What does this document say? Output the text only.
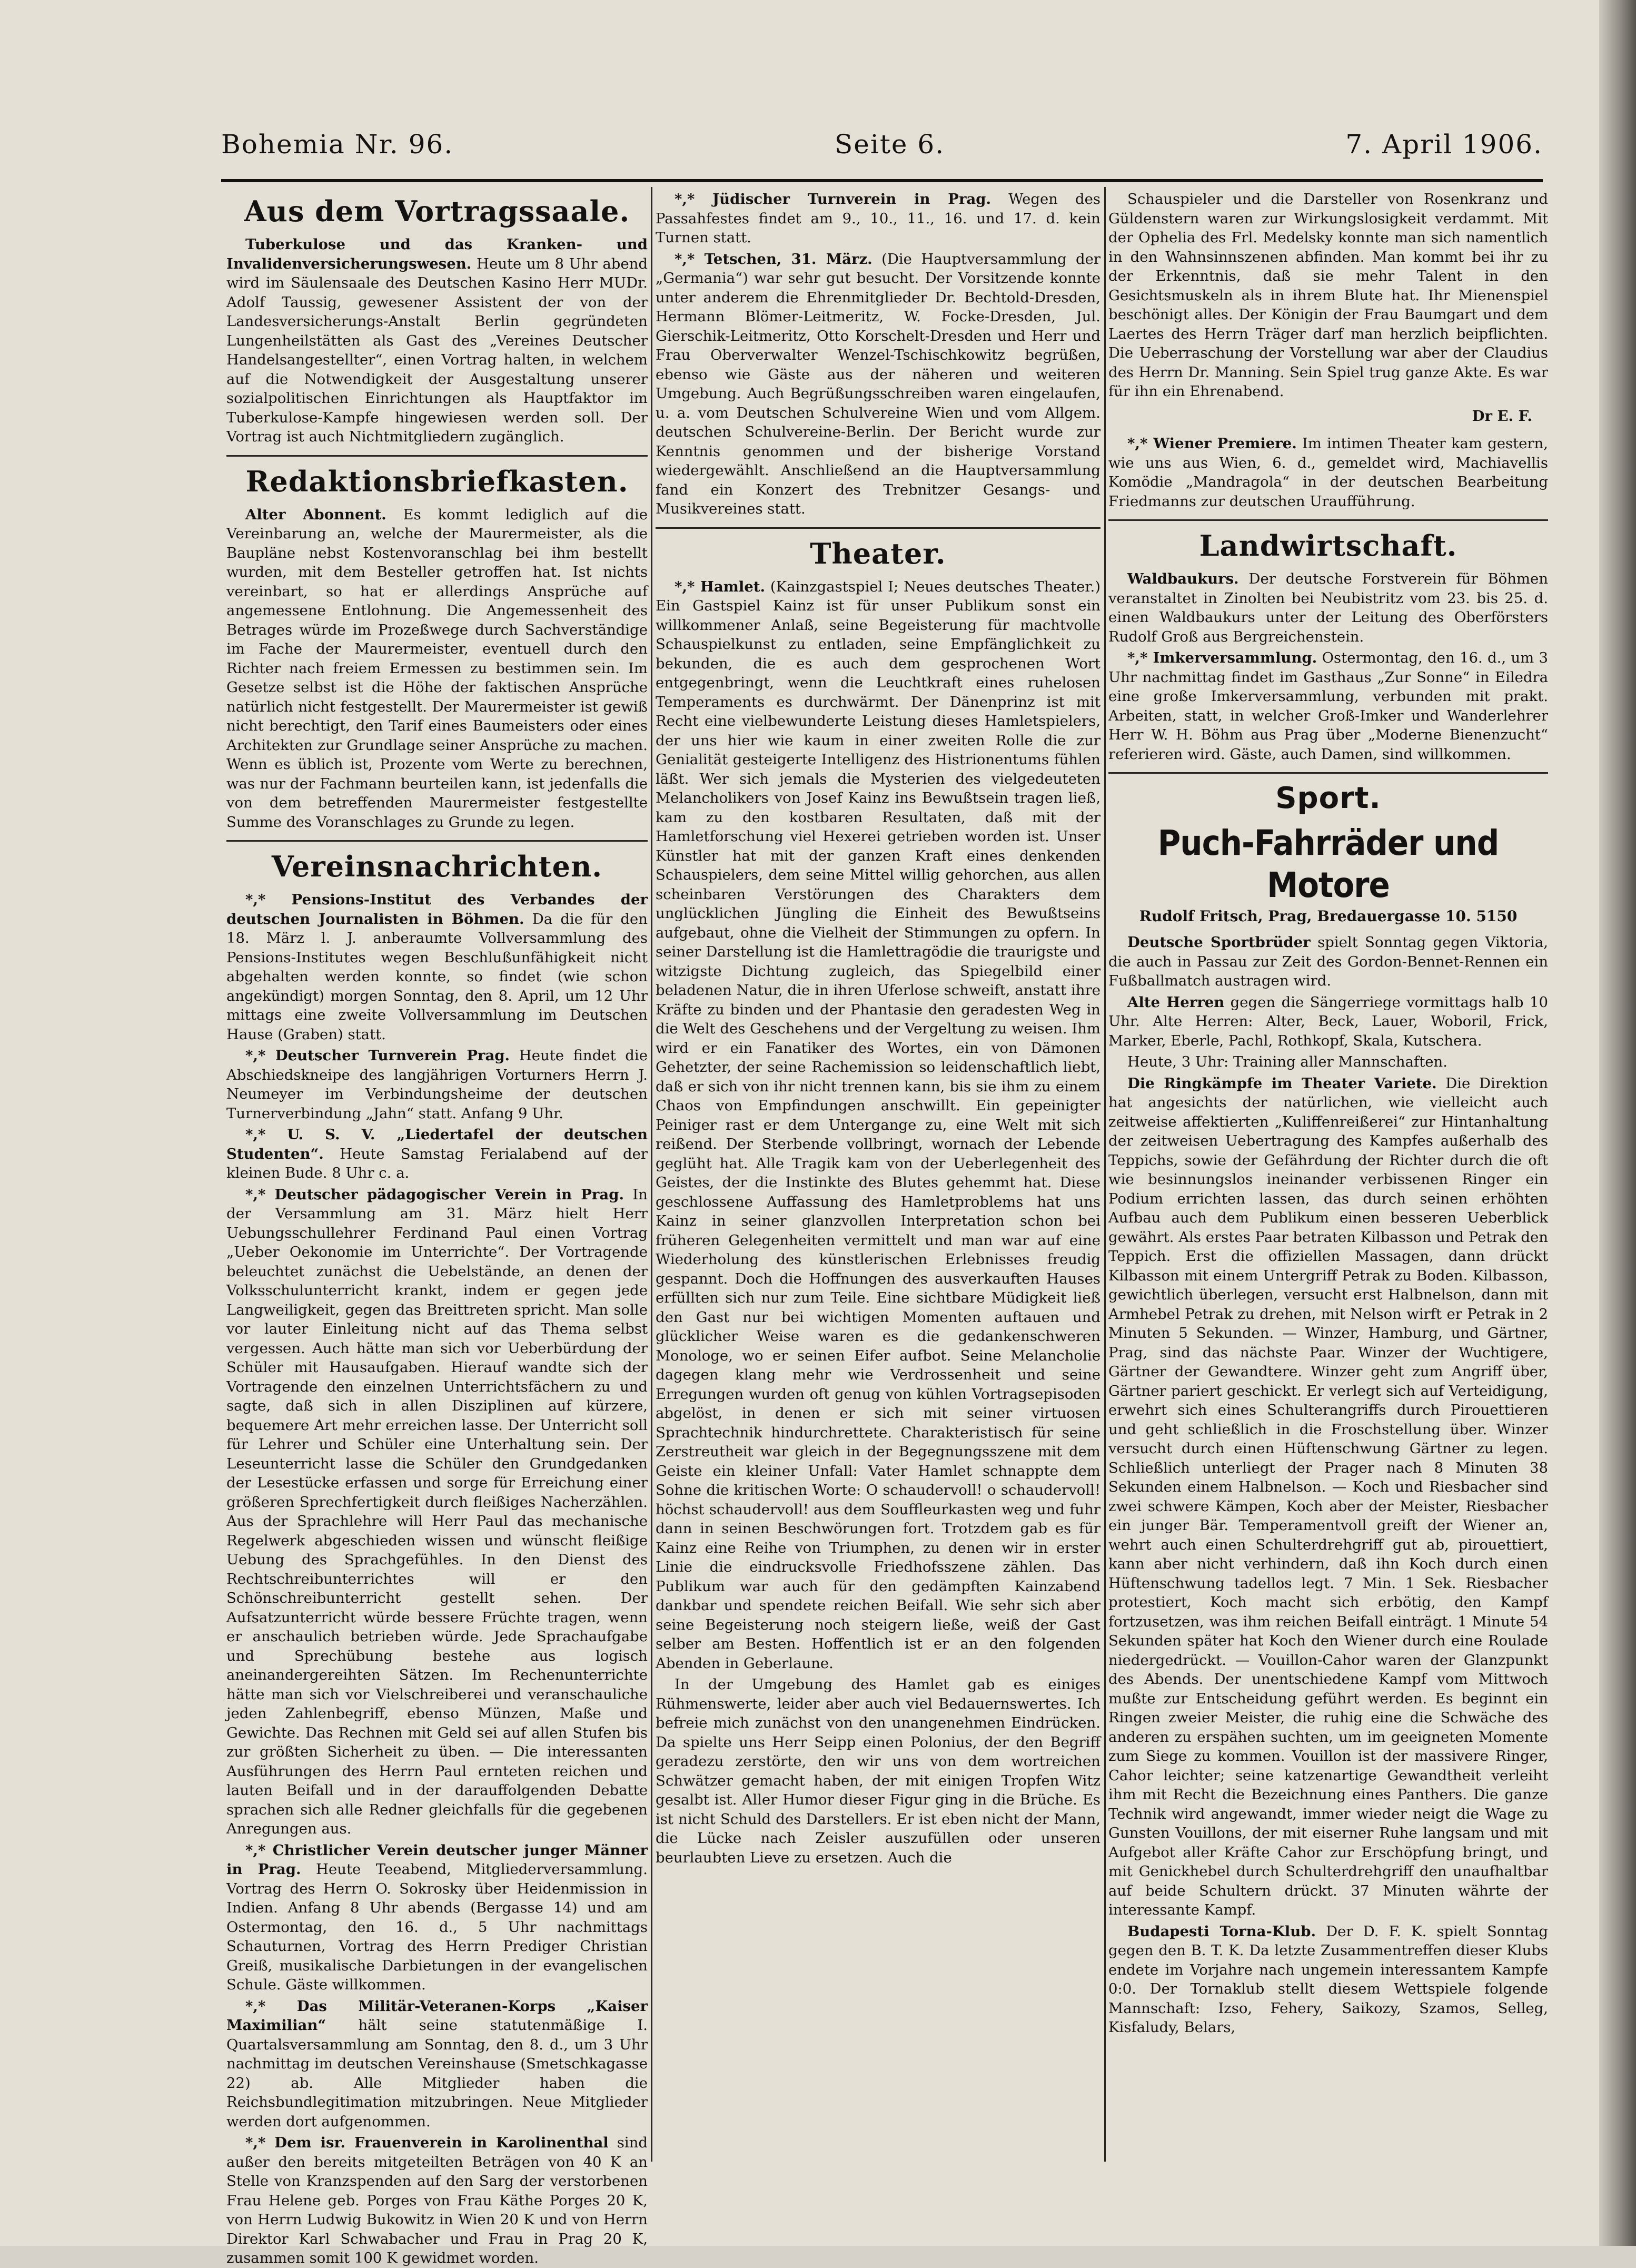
Bohemia Nr. 96.	Seite 6.	7. April 1906.
Aus dem Vortragssaale.

Tuberkulose und das Kranken- und Invalidenversicherungswesen. Heute um 8 Uhr abend wird im Säulensaale des Deutschen Kasino Herr MUDr. Adolf Taussig, gewesener Assistent der von der Landesversicherungs-Anstalt Berlin gegründeten Lungenheilstätten als Gast des „Vereines Deutscher Handelsangestellter“, einen Vortrag halten, in welchem auf die Notwendigkeit der Ausgestaltung unserer sozialpolitischen Einrichtungen als Hauptfaktor im Tuberkulose-Kampfe hingewiesen werden soll. Der Vortrag ist auch Nichtmitgliedern zugänglich.

Redaktionsbriefkasten.

Alter Abonnent. Es kommt lediglich auf die Vereinbarung an, welche der Maurermeister, als die Baupläne nebst Kostenvoranschlag bei ihm bestellt wurden, mit dem Besteller getroffen hat. Ist nichts vereinbart, so hat er allerdings Ansprüche auf angemessene Entlohnung. Die Angemessenheit des Betrages würde im Prozeßwege durch Sachverständige im Fache der Maurermeister, eventuell durch den Richter nach freiem Ermessen zu bestimmen sein. Im Gesetze selbst ist die Höhe der faktischen Ansprüche natürlich nicht festgestellt. Der Maurermeister ist gewiß nicht berechtigt, den Tarif eines Baumeisters oder eines Architekten zur Grundlage seiner Ansprüche zu machen. Wenn es üblich ist, Prozente vom Werte zu berechnen, was nur der Fachmann beurteilen kann, ist jedenfalls die von dem betreffenden Maurermeister festgestellte Summe des Voranschlages zu Grunde zu legen.

Vereinsnachrichten.

*,* Pensions-Institut des Verbandes der deutschen Journalisten in Böhmen. Da die für den 18. März l. J. anberaumte Vollversammlung des Pensions-Institutes wegen Beschlußunfähigkeit nicht abgehalten werden konnte, so findet (wie schon angekündigt) morgen Sonntag, den 8. April, um 12 Uhr mittags eine zweite Vollversammlung im Deutschen Hause (Graben) statt.

*,* Deutscher Turnverein Prag. Heute findet die Abschiedskneipe des langjährigen Vorturners Herrn J. Neumeyer im Verbindungsheime der deutschen Turnerverbindung „Jahn“ statt. Anfang 9 Uhr.

*,* U. S. V. „Liedertafel der deutschen Studenten“. Heute Samstag Ferialabend auf der kleinen Bude. 8 Uhr c. a.

*,* Deutscher pädagogischer Verein in Prag. In der Versammlung am 31. März hielt Herr Uebungsschullehrer Ferdinand Paul einen Vortrag „Ueber Oekonomie im Unterrichte“. Der Vortragende beleuchtet zunächst die Uebelstände, an denen der Volksschulunterricht krankt, indem er gegen jede Langweiligkeit, gegen das Breittreten spricht. Man solle vor lauter Einleitung nicht auf das Thema selbst vergessen. Auch hätte man sich vor Ueberbürdung der Schüler mit Hausaufgaben. Hierauf wandte sich der Vortragende den einzelnen Unterrichtsfächern zu und sagte, daß sich in allen Disziplinen auf kürzere, bequemere Art mehr erreichen lasse. Der Unterricht soll für Lehrer und Schüler eine Unterhaltung sein. Der Leseunterricht lasse die Schüler den Grundgedanken der Lesestücke erfassen und sorge für Erreichung einer größeren Sprechfertigkeit durch fleißiges Nacherzählen. Aus der Sprachlehre will Herr Paul das mechanische Regelwerk abgeschieden wissen und wünscht fleißige Uebung des Sprachgefühles. In den Dienst des Rechtschreibunterrichtes will er den Schönschreibunterricht gestellt sehen. Der Aufsatzunterricht würde bessere Früchte tragen, wenn er anschaulich betrieben würde. Jede Sprachaufgabe und Sprechübung bestehe aus logisch aneinandergereihten Sätzen. Im Rechenunterrichte hätte man sich vor Vielschreiberei und veranschauliche jeden Zahlenbegriff, ebenso Münzen, Maße und Gewichte. Das Rechnen mit Geld sei auf allen Stufen bis zur größten Sicherheit zu üben. — Die interessanten Ausführungen des Herrn Paul ernteten reichen und lauten Beifall und in der darauffolgenden Debatte sprachen sich alle Redner gleichfalls für die gegebenen Anregungen aus.

*,* Christlicher Verein deutscher junger Männer in Prag. Heute Teeabend, Mitgliederversammlung. Vortrag des Herrn O. Sokrosky über Heidenmission in Indien. Anfang 8 Uhr abends (Bergasse 14) und am Ostermontag, den 16. d., 5 Uhr nachmittags Schauturnen, Vortrag des Herrn Prediger Christian Greiß, musikalische Darbietungen in der evangelischen Schule. Gäste willkommen.

*,* Das Militär-Veteranen-Korps „Kaiser Maximilian“ hält seine statutenmäßige I. Quartalsversammlung am Sonntag, den 8. d., um 3 Uhr nachmittag im deutschen Vereinshause (Smetschkagasse 22) ab. Alle Mitglieder haben die Reichsbundlegitimation mitzubringen. Neue Mitglieder werden dort aufgenommen.

*,* Dem isr. Frauenverein in Karolinenthal sind außer den bereits mitgeteilten Beträgen von 40 K an Stelle von Kranzspenden auf den Sarg der verstorbenen Frau Helene geb. Porges von Frau Käthe Porges 20 K, von Herrn Ludwig Bukowitz in Wien 20 K und von Herrn Direktor Karl Schwabacher und Frau in Prag 20 K, zusammen somit 100 K gewidmet worden.

*,* Jüdischer Turnverein in Prag. Wegen des Passahfestes findet am 9., 10., 11., 16. und 17. d. kein Turnen statt.

*,* Tetschen, 31. März. (Die Hauptversammlung der „Germania“) war sehr gut besucht. Der Vorsitzende konnte unter anderem die Ehrenmitglieder Dr. Bechtold-Dresden, Hermann Blömer-Leitmeritz, W. Focke-Dresden, Jul. Gierschik-Leitmeritz, Otto Korschelt-Dresden und Herr und Frau Oberverwalter Wenzel-Tschischkowitz begrüßen, ebenso wie Gäste aus der näheren und weiteren Umgebung. Auch Begrüßungsschreiben waren eingelaufen, u. a. vom Deutschen Schulvereine Wien und vom Allgem. deutschen Schulvereine-Berlin. Der Bericht wurde zur Kenntnis genommen und der bisherige Vorstand wiedergewählt. Anschließend an die Hauptversammlung fand ein Konzert des Trebnitzer Gesangs- und Musikvereines statt.

Theater.

*,* Hamlet. (Kainzgastspiel I; Neues deutsches Theater.) Ein Gastspiel Kainz ist für unser Publikum sonst ein willkommener Anlaß, seine Begeisterung für machtvolle Schauspielkunst zu entladen, seine Empfänglichkeit zu bekunden, die es auch dem gesprochenen Wort entgegenbringt, wenn die Leuchtkraft eines ruhelosen Temperaments es durchwärmt. Der Dänenprinz ist mit Recht eine vielbewunderte Leistung dieses Hamletspielers, der uns hier wie kaum in einer zweiten Rolle die zur Genialität gesteigerte Intelligenz des Histrionentums fühlen läßt. Wer sich jemals die Mysterien des vielgedeuteten Melancholikers von Josef Kainz ins Bewußtsein tragen ließ, kam zu den kostbaren Resultaten, daß mit der Hamletforschung viel Hexerei getrieben worden ist. Unser Künstler hat mit der ganzen Kraft eines denkenden Schauspielers, dem seine Mittel willig gehorchen, aus allen scheinbaren Verstörungen des Charakters dem unglücklichen Jüngling die Einheit des Bewußtseins aufgebaut, ohne die Vielheit der Stimmungen zu opfern. In seiner Darstellung ist die Hamlettragödie die traurigste und witzigste Dichtung zugleich, das Spiegelbild einer beladenen Natur, die in ihren Uferlose schweift, anstatt ihre Kräfte zu binden und der Phantasie den geradesten Weg in die Welt des Geschehens und der Vergeltung zu weisen. Ihm wird er ein Fanatiker des Wortes, ein von Dämonen Gehetzter, der seine Rachemission so leidenschaftlich liebt, daß er sich von ihr nicht trennen kann, bis sie ihm zu einem Chaos von Empfindungen anschwillt. Ein gepeinigter Peiniger rast er dem Untergange zu, eine Welt mit sich reißend. Der Sterbende vollbringt, wornach der Lebende geglüht hat. Alle Tragik kam von der Ueberlegenheit des Geistes, der die Instinkte des Blutes gehemmt hat. Diese geschlossene Auffassung des Hamletproblems hat uns Kainz in seiner glanzvollen Interpretation schon bei früheren Gelegenheiten vermittelt und man war auf eine Wiederholung des künstlerischen Erlebnisses freudig gespannt. Doch die Hoffnungen des ausverkauften Hauses erfüllten sich nur zum Teile. Eine sichtbare Müdigkeit ließ den Gast nur bei wichtigen Momenten auftauen und glücklicher Weise waren es die gedankenschweren Monologe, wo er seinen Eifer aufbot. Seine Melancholie dagegen klang mehr wie Verdrossenheit und seine Erregungen wurden oft genug von kühlen Vortragsepisoden abgelöst, in denen er sich mit seiner virtuosen Sprachtechnik hindurchrettete. Charakteristisch für seine Zerstreutheit war gleich in der Begegnungsszene mit dem Geiste ein kleiner Unfall: Vater Hamlet schnappte dem Sohne die kritischen Worte: O schaudervoll! o schaudervoll! höchst schaudervoll! aus dem Souffleurkasten weg und fuhr dann in seinen Beschwörungen fort. Trotzdem gab es für Kainz eine Reihe von Triumphen, zu denen wir in erster Linie die eindrucksvolle Friedhofsszene zählen. Das Publikum war auch für den gedämpften Kainzabend dankbar und spendete reichen Beifall. Wie sehr sich aber seine Begeisterung noch steigern ließe, weiß der Gast selber am Besten. Hoffentlich ist er an den folgenden Abenden in Geberlaune.

In der Umgebung des Hamlet gab es einiges Rühmenswerte, leider aber auch viel Bedauernswertes. Ich befreie mich zunächst von den unangenehmen Eindrücken. Da spielte uns Herr Seipp einen Polonius, der den Begriff geradezu zerstörte, den wir uns von dem wortreichen Schwätzer gemacht haben, der mit einigen Tropfen Witz gesalbt ist. Aller Humor dieser Figur ging in die Brüche. Es ist nicht Schuld des Darstellers. Er ist eben nicht der Mann, die Lücke nach Zeisler auszufüllen oder unseren beurlaubten Lieve zu ersetzen. Auch die

Schauspieler und die Darsteller von Rosenkranz und Güldenstern waren zur Wirkungslosigkeit verdammt. Mit der Ophelia des Frl. Medelsky konnte man sich namentlich in den Wahnsinnszenen abfinden. Man kommt bei ihr zu der Erkenntnis, daß sie mehr Talent in den Gesichtsmuskeln als in ihrem Blute hat. Ihr Mienenspiel beschönigt alles. Der Königin der Frau Baumgart und dem Laertes des Herrn Träger darf man herzlich beipflichten. Die Ueberraschung der Vorstellung war aber der Claudius des Herrn Dr. Manning. Sein Spiel trug ganze Akte. Es war für ihn ein Ehrenabend.

Dr E. F.

*,* Wiener Premiere. Im intimen Theater kam gestern, wie uns aus Wien, 6. d., gemeldet wird, Machiavellis Komödie „Mandragola“ in der deutschen Bearbeitung Friedmanns zur deutschen Uraufführung.

Landwirtschaft.

Waldbaukurs. Der deutsche Forstverein für Böhmen veranstaltet in Zinolten bei Neubistritz vom 23. bis 25. d. einen Waldbaukurs unter der Leitung des Oberförsters Rudolf Groß aus Bergreichenstein.

*,* Imkerversammlung. Ostermontag, den 16. d., um 3 Uhr nachmittag findet im Gasthaus „Zur Sonne“ in Eiledra eine große Imkerversammlung, verbunden mit prakt. Arbeiten, statt, in welcher Groß-Imker und Wanderlehrer Herr W. H. Böhm aus Prag über „Moderne Bienenzucht“ referieren wird. Gäste, auch Damen, sind willkommen.

Sport.
Puch-Fahrräder und Motore
Rudolf Fritsch, Prag, Bredauergasse 10. 5150

Deutsche Sportbrüder spielt Sonntag gegen Viktoria, die auch in Passau zur Zeit des Gordon-Bennet-Rennen ein Fußballmatch austragen wird.

Alte Herren gegen die Sängerriege vormittags halb 10 Uhr. Alte Herren: Alter, Beck, Lauer, Woboril, Frick, Marker, Eberle, Pachl, Rothkopf, Skala, Kutschera.

Heute, 3 Uhr: Training aller Mannschaften.

Die Ringkämpfe im Theater Variete. Die Direktion hat angesichts der natürlichen, wie vielleicht auch zeitweise affektierten „Kuliffenreißerei“ zur Hintanhaltung der zeitweisen Uebertragung des Kampfes außerhalb des Teppichs, sowie der Gefährdung der Richter durch die oft wie besinnungslos ineinander verbissenen Ringer ein Podium errichten lassen, das durch seinen erhöhten Aufbau auch dem Publikum einen besseren Ueberblick gewährt. Als erstes Paar betraten Kilbasson und Petrak den Teppich. Erst die offiziellen Massagen, dann drückt Kilbasson mit einem Untergriff Petrak zu Boden. Kilbasson, gewichtlich überlegen, versucht erst Halbnelson, dann mit Armhebel Petrak zu drehen, mit Nelson wirft er Petrak in 2 Minuten 5 Sekunden. — Winzer, Hamburg, und Gärtner, Prag, sind das nächste Paar. Winzer der Wuchtigere, Gärtner der Gewandtere. Winzer geht zum Angriff über, Gärtner pariert geschickt. Er verlegt sich auf Verteidigung, erwehrt sich eines Schulterangriffs durch Pirouettieren und geht schließlich in die Froschstellung über. Winzer versucht durch einen Hüftenschwung Gärtner zu legen. Schließlich unterliegt der Prager nach 8 Minuten 38 Sekunden einem Halbnelson. — Koch und Riesbacher sind zwei schwere Kämpen, Koch aber der Meister, Riesbacher ein junger Bär. Temperamentvoll greift der Wiener an, wehrt auch einen Schulterdrehgriff gut ab, pirouettiert, kann aber nicht verhindern, daß ihn Koch durch einen Hüftenschwung tadellos legt. 7 Min. 1 Sek. Riesbacher protestiert, Koch macht sich erbötig, den Kampf fortzusetzen, was ihm reichen Beifall einträgt. 1 Minute 54 Sekunden später hat Koch den Wiener durch eine Roulade niedergedrückt. — Vouillon-Cahor waren der Glanzpunkt des Abends. Der unentschiedene Kampf vom Mittwoch mußte zur Entscheidung geführt werden. Es beginnt ein Ringen zweier Meister, die ruhig eine die Schwäche des anderen zu erspähen suchten, um im geeigneten Momente zum Siege zu kommen. Vouillon ist der massivere Ringer, Cahor leichter; seine katzenartige Gewandtheit verleiht ihm mit Recht die Bezeichnung eines Panthers. Die ganze Technik wird angewandt, immer wieder neigt die Wage zu Gunsten Vouillons, der mit eiserner Ruhe langsam und mit Aufgebot aller Kräfte Cahor zur Erschöpfung bringt, und mit Genickhebel durch Schulterdrehgriff den unaufhaltbar auf beide Schultern drückt. 37 Minuten währte der interessante Kampf.

Budapesti Torna-Klub. Der D. F. K. spielt Sonntag gegen den B. T. K. Da letzte Zusammentreffen dieser Klubs endete im Vorjahre nach ungemein interessantem Kampfe 0:0. Der Tornaklub stellt diesem Wettspiele folgende Mannschaft: Izso, Fehery, Saikozy, Szamos, Selleg, Kisfaludy, Belars,
